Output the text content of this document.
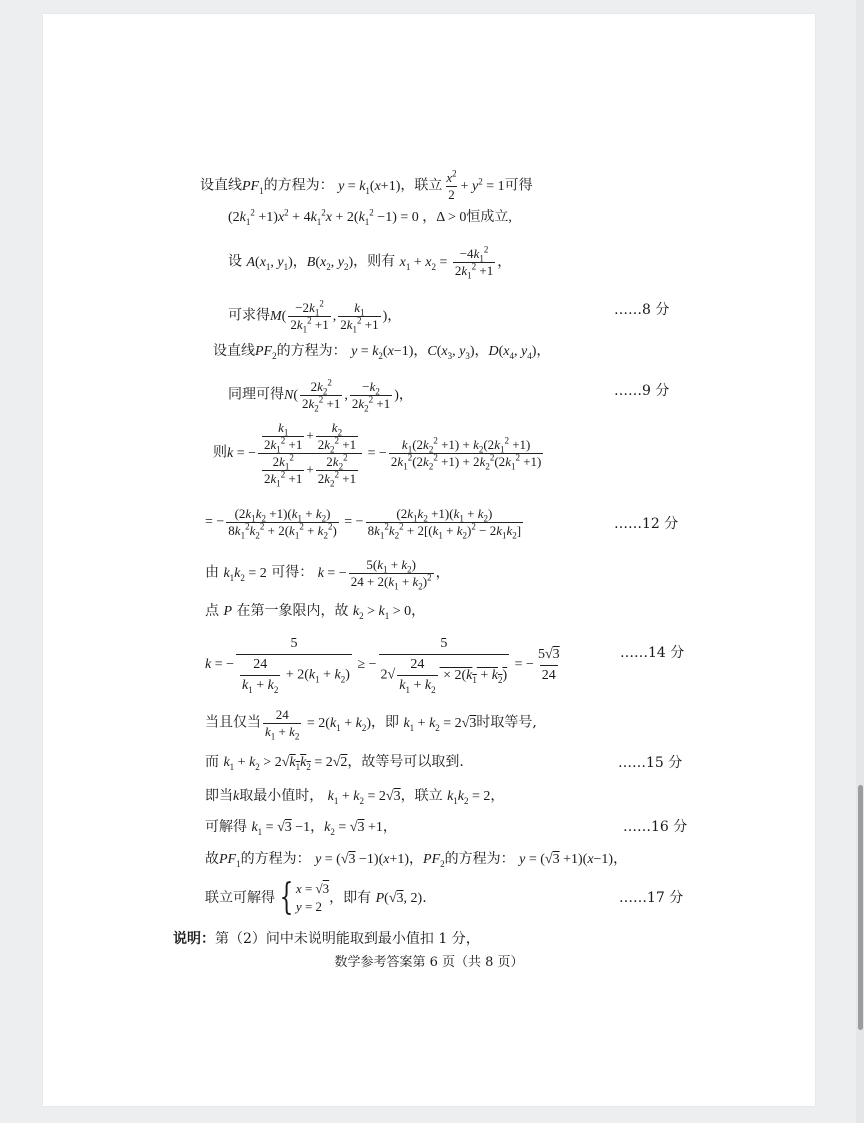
设直线$PF_1$的方程为： $y = k_1(x+1)$，联立 $\frac{x^2}{2} + y^2 = 1$可得
$(2k_1^2 +1)x^2 + 4k_1^2x + 2(k_1^2 -1) = 0$ ，Δ > 0恒成立,
设 $A(x_1$, $y_1$)，$B(x_2$, $y_2$)，则有 $x_1 + x_2 = \frac{-4k_1^2}{2k_1^2 +1}$ ，
可求得$M( \frac{-2k_1^2}{2k_1^2 +1}$ , $\frac{k_1}{2k_1^2 +1}$ )，	……8 分
设直线$PF_2$的方程为： $y = k_2(x-1)$，$C(x_3$, $y_3$)，$D(x_4$, $y_4$)，
同理可得$N( \frac{2k_2^2}{2k_2^2 +1}$ , $\frac{-k_2}{2k_2^2 +1}$ )，	……9 分
则k = − $\frac{\frac{k_1}{2k_1^2 +1} + \frac{k_2}{2k_2^2 +1}}{\frac{2k_1^2}{2k_1^2 +1} + \frac{2k_2^2}{2k_2^2 +1}}$ = − $\frac{k_1(2k_2^2 +1) + k_2(2k_1^2 +1)}{2k_1^2(2k_2^2 +1) + 2k_2^2(2k_1^2 +1)}$
= − $\frac{(2k_1k_2 +1)(k_1 + k_2)}{8k_1^2k_2^2 + 2(k_1^2 + k_2^2)}$ = − $\frac{(2k_1k_2 +1)(k_1 + k_2)}{8k_1^2k_2^2 + 2[(k_1 + k_2)^2 - 2k_1k_2]}$	……12 分
由 $k_1k_2 = 2$ 可得： k = − $\frac{5(k_1 + k_2)}{24 + 2(k_1 + k_2)^2}$ ，
点 P 在第一象限内，故 $k_2 > k_1 > 0$，
k = − $\frac{5}{\frac{24}{k_1 + k_2} + 2(k_1 + k_2)}$ ≥ − $\frac{5}{2√ \frac{24}{k_1 + k_2} \times 2(k_1 + k_2)}$ = − $\frac{5√3}{24}$	……14 分
当且仅当 $\frac{24}{k_1 + k_2} = 2(k_1 + k_2)$，即 $k_1 + k_2 = 2√3$时取等号,
而 $k_1 + k_2 > 2√k_1k_2 = 2√2$，故等号可以取到.	……15 分
即当k取最小值时， $k_1 + k_2 = 2√3$，联立 $k_1k_2 = 2$，
可解得 $k_1 = √3 -1$，$k_2 = √3 +1$，	……16 分
故$PF_1$的方程为： y = (√3 −1)(x+1)，$PF_2$的方程为： y = (√3 +1)(x−1)，
联立可解得 { x = √3
y = 2
，即有 P(√3, 2).	……17 分
说明：第（2）问中未说明能取到最小值扣 1 分，
数学参考答案第 6 页（共 8 页）
